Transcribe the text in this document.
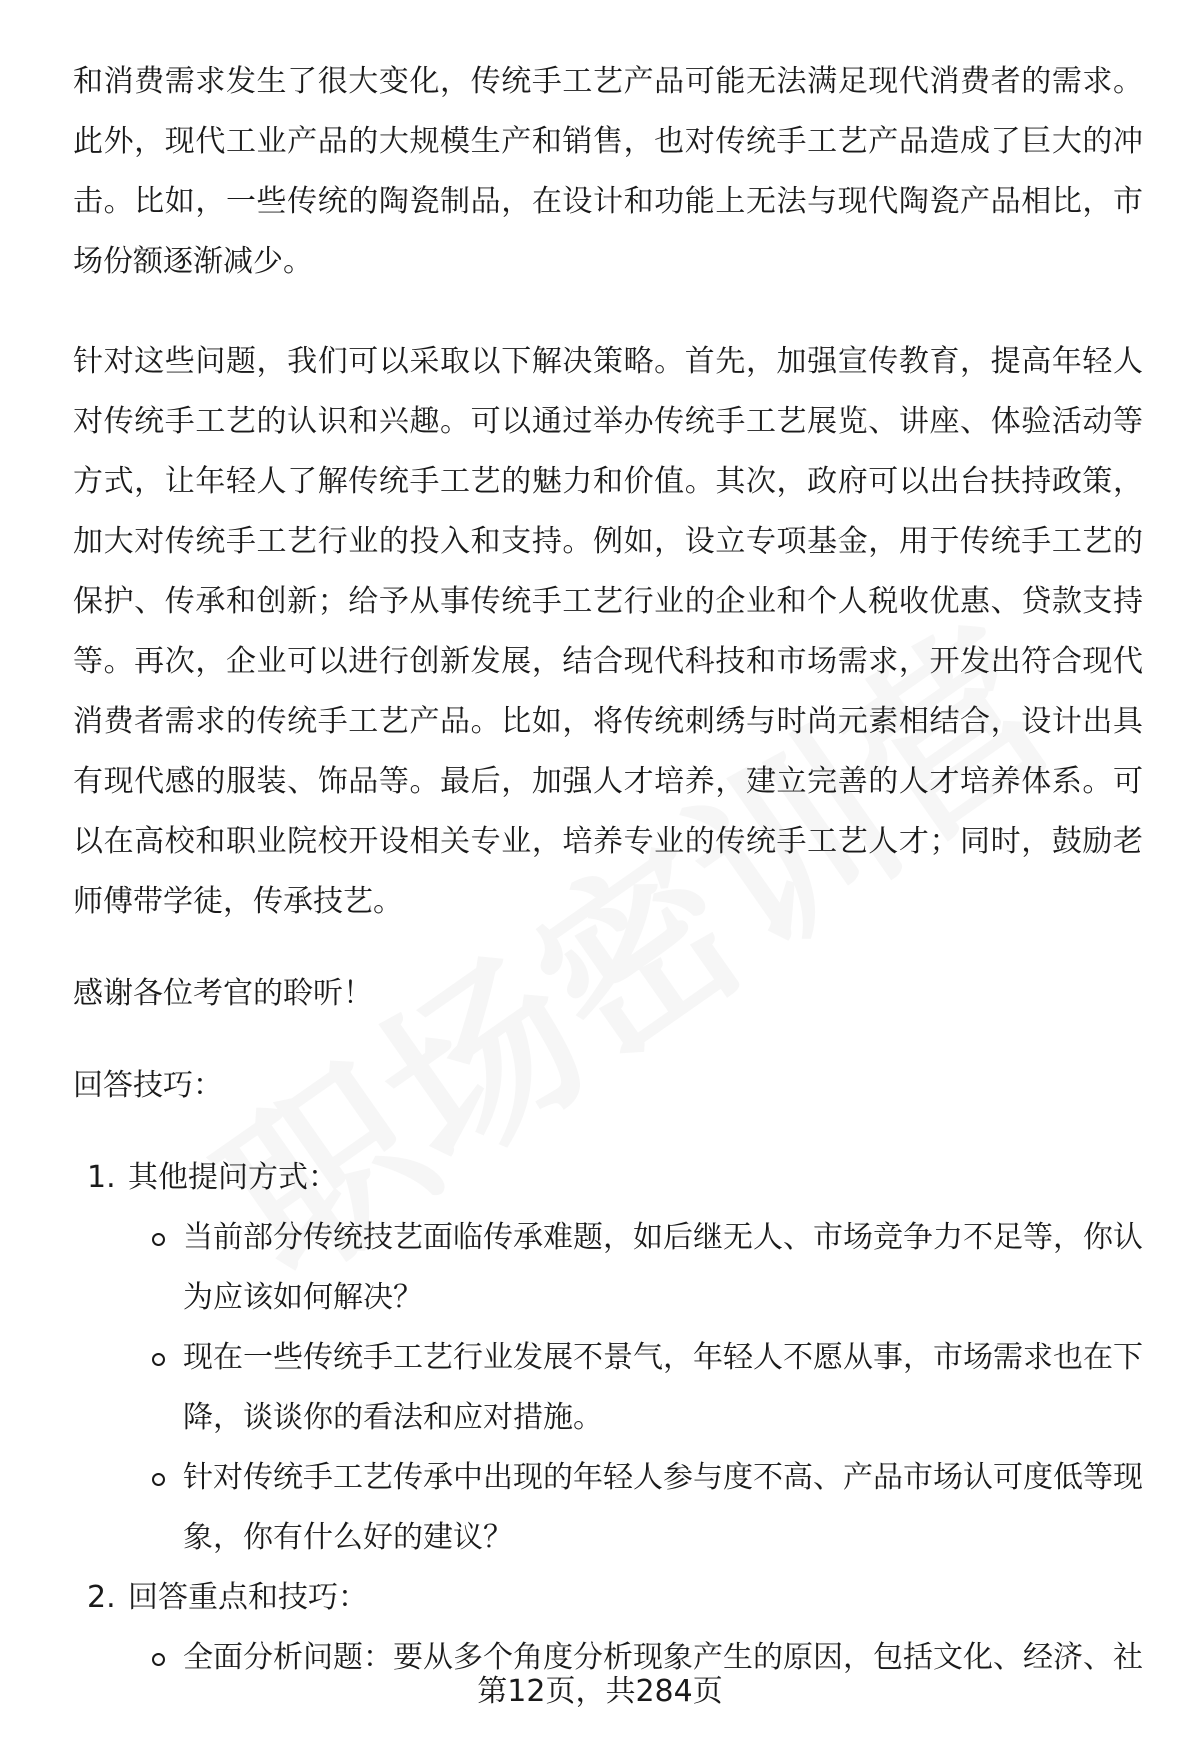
和消费需求发生了很大变化，传统手工艺产品可能无法满足现代消费者的需求。此外，现代工业产品的大规模生产和销售，也对传统手工艺产品造成了巨大的冲击。比如，一些传统的陶瓷制品，在设计和功能上无法与现代陶瓷产品相比，市场份额逐渐减少。

针对这些问题，我们可以采取以下解决策略。首先，加强宣传教育，提高年轻人对传统手工艺的认识和兴趣。可以通过举办传统手工艺展览、讲座、体验活动等方式，让年轻人了解传统手工艺的魅力和价值。其次，政府可以出台扶持政策，加大对传统手工艺行业的投入和支持。例如，设立专项基金，用于传统手工艺的保护、传承和创新；给予从事传统手工艺行业的企业和个人税收优惠、贷款支持等。再次，企业可以进行创新发展，结合现代科技和市场需求，开发出符合现代消费者需求的传统手工艺产品。比如，将传统刺绣与时尚元素相结合，设计出具有现代感的服装、饰品等。最后，加强人才培养，建立完善的人才培养体系。可以在高校和职业院校开设相关专业，培养专业的传统手工艺人才；同时，鼓励老师傅带学徒，传承技艺。

感谢各位考官的聆听！

回答技巧：

1. 其他提问方式：
当前部分传统技艺面临传承难题，如后继无人、市场竞争力不足等，你认为应该如何解决？
现在一些传统手工艺行业发展不景气，年轻人不愿从事，市场需求也在下降，谈谈你的看法和应对措施。
针对传统手工艺传承中出现的年轻人参与度不高、产品市场认可度低等现象，你有什么好的建议？
2. 回答重点和技巧：
全面分析问题：要从多个角度分析现象产生的原因，包括文化、经济、社
第12页，共284页
